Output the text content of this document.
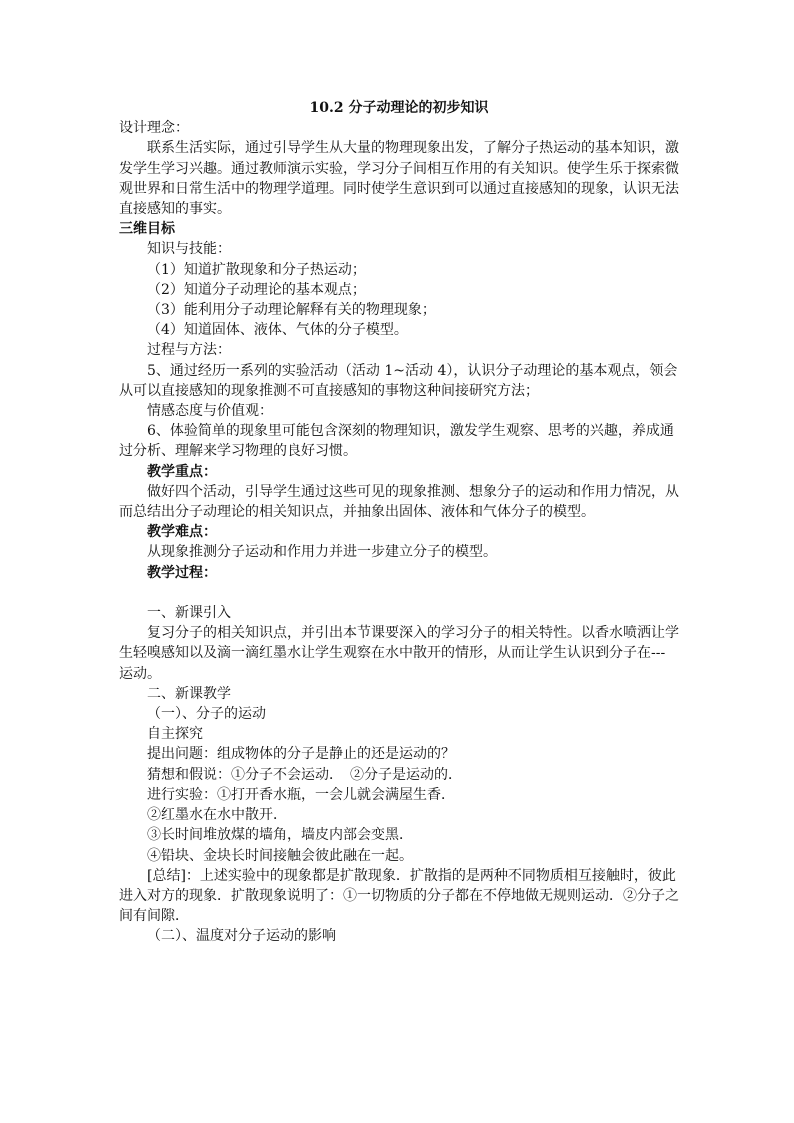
10.2 分子动理论的初步知识

设计理念：

联系生活实际，通过引导学生从大量的物理现象出发，了解分子热运动的基本知识，激发学生学习兴趣。通过教师演示实验，学习分子间相互作用的有关知识。使学生乐于探索微观世界和日常生活中的物理学道理。同时使学生意识到可以通过直接感知的现象，认识无法直接感知的事实。

三维目标

知识与技能：

（1）知道扩散现象和分子热运动；

（2）知道分子动理论的基本观点；

（3）能利用分子动理论解释有关的物理现象；

（4）知道固体、液体、气体的分子模型。

过程与方法：

5、通过经历一系列的实验活动（活动 1~活动 4），认识分子动理论的基本观点，领会从可以直接感知的现象推测不可直接感知的事物这种间接研究方法；

情感态度与价值观：

6、体验简单的现象里可能包含深刻的物理知识，激发学生观察、思考的兴趣，养成通过分析、理解来学习物理的良好习惯。

教学重点：

做好四个活动，引导学生通过这些可见的现象推测、想象分子的运动和作用力情况，从而总结出分子动理论的相关知识点，并抽象出固体、液体和气体分子的模型。

教学难点：

从现象推测分子运动和作用力并进一步建立分子的模型。

教学过程：

一、新课引入

复习分子的相关知识点，并引出本节课要深入的学习分子的相关特性。以香水喷洒让学生轻嗅感知以及滴一滴红墨水让学生观察在水中散开的情形，从而让学生认识到分子在---运动。

二、新课教学

（一）、分子的运动

自主探究

提出问题：组成物体的分子是静止的还是运动的？

猜想和假说：①分子不会运动．　②分子是运动的．

进行实验：①打开香水瓶，一会儿就会满屋生香．

②红墨水在水中散开．

③长时间堆放煤的墙角，墙皮内部会变黑．

④铅块、金块长时间接触会彼此融在一起。

[总结]：上述实验中的现象都是扩散现象．扩散指的是两种不同物质相互接触时，彼此进入对方的现象．扩散现象说明了：①一切物质的分子都在不停地做无规则运动．②分子之间有间隙．

（二）、温度对分子运动的影响
